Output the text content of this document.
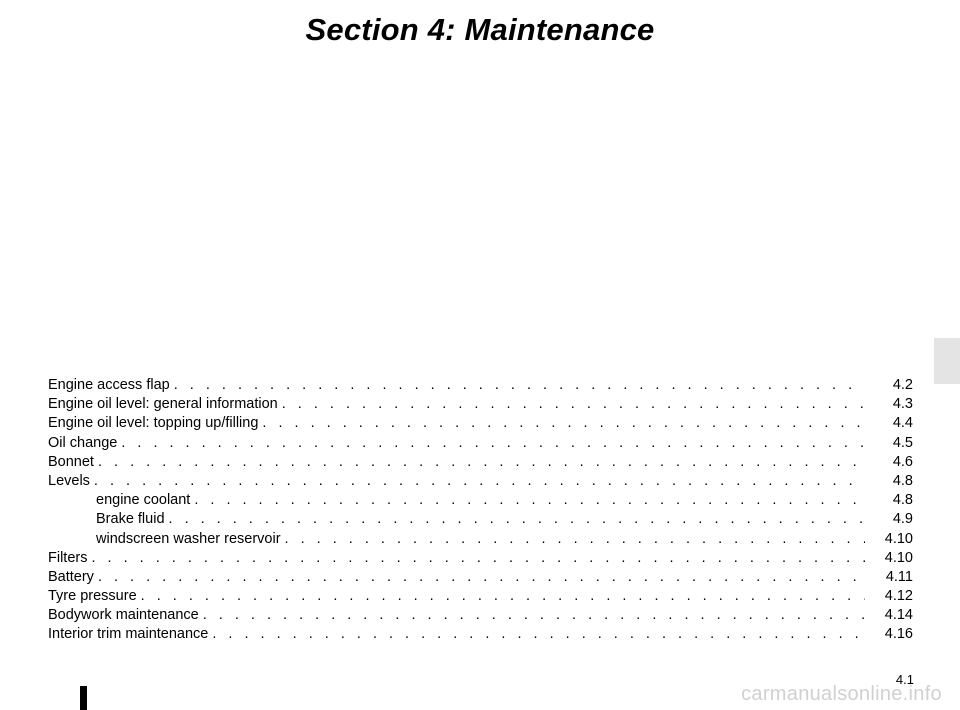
Section 4: Maintenance
Engine access flap . . .	4.2
Engine oil level: general information . . .	4.3
Engine oil level: topping up/filling . . .	4.4
Oil change . . .	4.5
Bonnet . . .	4.6
Levels . . .	4.8
engine coolant . . .	4.8
Brake fluid . . .	4.9
windscreen washer reservoir . . .	4.10
Filters . . .	4.10
Battery . . .	4.11
Tyre pressure . . .	4.12
Bodywork maintenance . . .	4.14
Interior trim maintenance . . .	4.16
4.1
carmanualsonline.info
